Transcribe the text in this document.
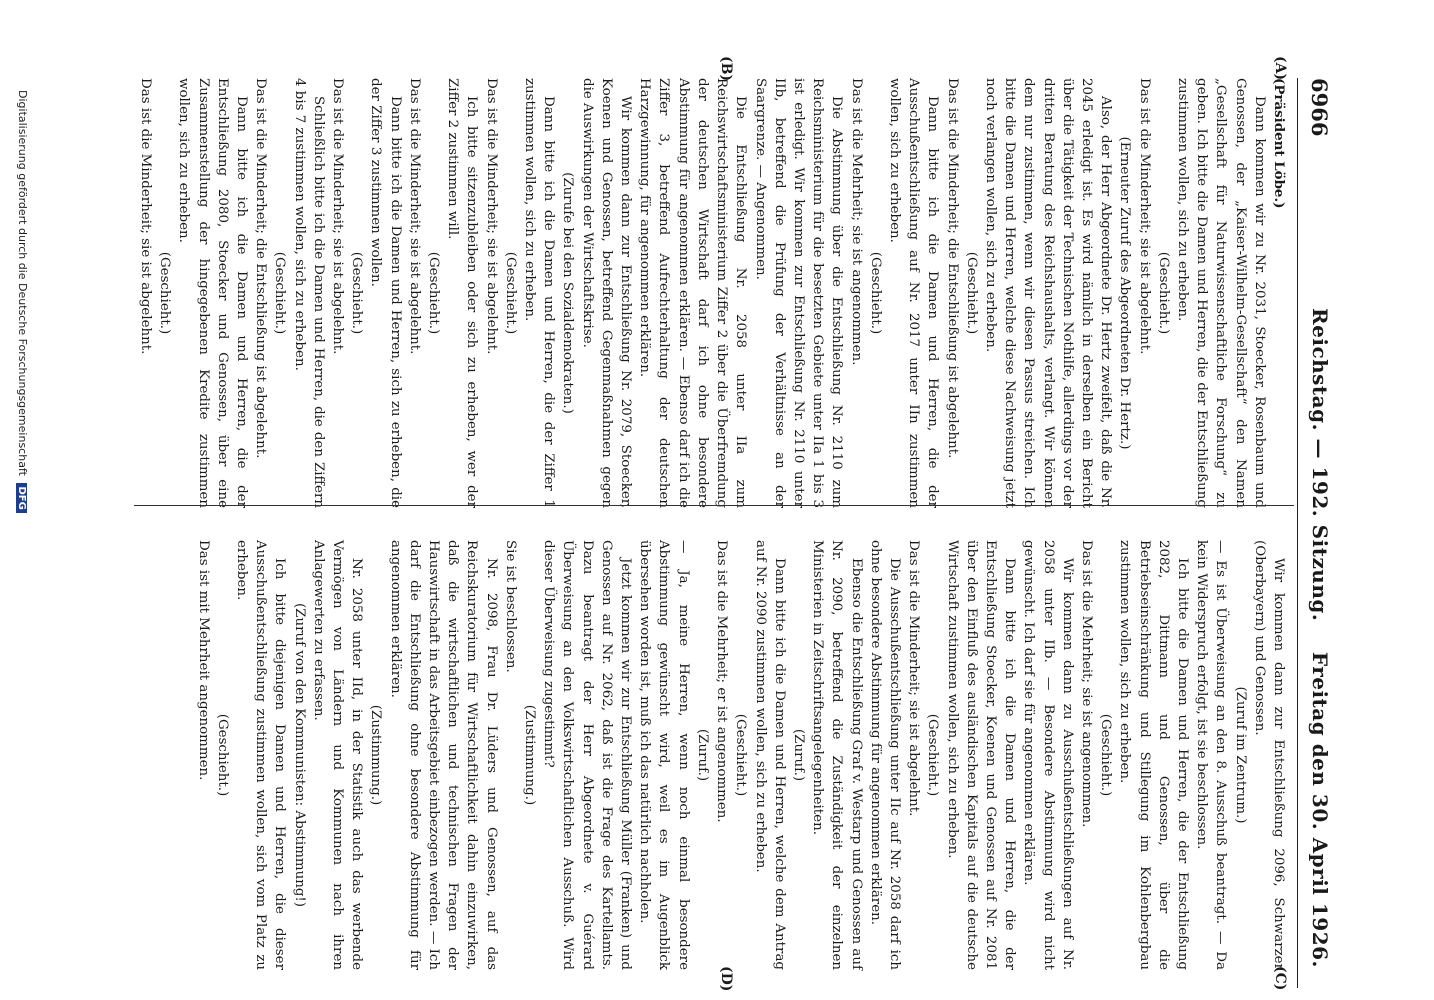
6966
Reichstag. — 192. Sitzung.
Freitag den 30. April 1926.
(A)
(B)
(C)
(D)

(Präsident Löbe.)

Dann kommen wir zu Nr. 2031, Stoecker, Rosenbaum und Genossen, der „Kaiser-Wilhelm-Gesellschaft“ den Namen „Gesellschaft für Naturwissenschaftliche Forschung“ zu geben. Ich bitte die Damen und Herren, die der Entschließung zustimmen wollen, sich zu erheben.

(Geschieht.)

Das ist die Minderheit; sie ist abgelehnt.

(Erneuter Zuruf des Abgeordneten Dr. Hertz.)

Also, der Herr Abgeordnete Dr. Hertz zweifelt, daß die Nr. 2045 erledigt ist. Es wird nämlich in derselben ein Bericht über die Tätigkeit der Technischen Nothilfe, allerdings vor der dritten Beratung des Reichshaushalts, verlangt. Wir können dem nur zustimmen, wenn wir diesen Passus streichen. Ich bitte die Damen und Herren, welche diese Nachweisung jetzt noch verlangen wollen, sich zu erheben.

(Geschieht.)

Das ist die Minderheit; die Entschließung ist abgelehnt.

Dann bitte ich die Damen und Herren, die der Ausschußentschließung auf Nr. 2017 unter IIn zustimmen wollen, sich zu erheben.

(Geschieht.)

Das ist die Mehrheit; sie ist angenommen.

Die Abstimmung über die Entschließung Nr. 2110 zum Reichsministerium für die besetzten Gebiete unter IIa 1 bis 3 ist erledigt. Wir kommen zur Entschließung Nr. 2110 unter IIb, betreffend die Prüfung der Verhältnisse an der Saargrenze. — Angenommen.

Die Entschließung Nr. 2058 unter IIa zum Reichswirtschaftsministerium Ziffer 2 über die Überfremdung der deutschen Wirtschaft darf ich ohne besondere Abstimmung für angenommen erklären. — Ebenso darf ich die Ziffer 3, betreffend Aufrechterhaltung der deutschen Harzgewinnung, für angenommen erklären.

Wir kommen dann zur Entschließung Nr. 2079, Stoecker, Koenen und Genossen, betreffend Gegenmaßnahmen gegen die Auswirkungen der Wirtschaftskrise.

(Zurufe bei den Sozialdemokraten.)

Dann bitte ich die Damen und Herren, die der Ziffer 1 zustimmen wollen, sich zu erheben.

(Geschieht.)

Das ist die Minderheit; sie ist abgelehnt.

Ich bitte sitzenzubleiben oder sich zu erheben, wer der Ziffer 2 zustimmen will.

(Geschieht.)

Das ist die Minderheit; sie ist abgelehnt.

Dann bitte ich die Damen und Herren, sich zu erheben, die der Ziffer 3 zustimmen wollen.

(Geschieht.)

Das ist die Minderheit; sie ist abgelehnt.

Schließlich bitte ich die Damen und Herren, die den Ziffern 4 bis 7 zustimmen wollen, sich zu erheben.

(Geschieht.)

Das ist die Minderheit; die Entschließung ist abgelehnt.

Dann bitte ich die Damen und Herren, die der Entschließung 2080, Stoecker und Genossen, über eine Zusammenstellung der hingegebenen Kredite zustimmen wollen, sich zu erheben.

(Geschieht.)

Das ist die Minderheit; sie ist abgelehnt.

Wir kommen dann zur Entschließung 2096, Schwarzer (Oberbayern) und Genossen.

(Zuruf im Zentrum.)

— Es ist Überweisung an den 8. Ausschuß beantragt. — Da kein Widerspruch erfolgt, ist sie beschlossen.

Ich bitte die Damen und Herren, die der Entschließung 2082, Dittmann und Genossen, über die Betriebseinschränkung und Stillegung im Kohlenbergbau zustimmen wollen, sich zu erheben.

(Geschieht.)

Das ist die Mehrheit; sie ist angenommen.

Wir kommen dann zu Ausschußentschließungen auf Nr. 2058 unter IIb. — Besondere Abstimmung wird nicht gewünscht. Ich darf sie für angenommen erklären.

Dann bitte ich die Damen und Herren, die der Entschließung Stoecker, Koenen und Genossen auf Nr. 2081 über den Einfluß des ausländischen Kapitals auf die deutsche Wirtschaft zustimmen wollen, sich zu erheben.

(Geschieht.)

Das ist die Minderheit; sie ist abgelehnt.

Die Ausschußentschließung unter IIc auf Nr. 2058 darf ich ohne besondere Abstimmung für angenommen erklären.

Ebenso die Entschließung Graf v. Westarp und Genossen auf Nr. 2090, betreffend die Zuständigkeit der einzelnen Ministerien in Zeitschriftsangelegenheiten.

(Zuruf.)

Dann bitte ich die Damen und Herren, welche dem Antrag auf Nr. 2090 zustimmen wollen, sich zu erheben.

(Geschieht.)

Das ist die Mehrheit; er ist angenommen.

(Zuruf.)

— Ja, meine Herren, wenn noch einmal besondere Abstimmung gewünscht wird, weil es im Augenblick übersehen worden ist, muß ich das natürlich nachholen.

Jetzt kommen wir zur Entschließung Müller (Franken) und Genossen auf Nr. 2062, daß ist die Frage des Kartellamts. Dazu beantragt der Herr Abgeordnete v. Guérard Überweisung an den Volkswirtschaftlichen Ausschuß. Wird dieser Überweisung zugestimmt?

(Zustimmung.)

Sie ist beschlossen.

Nr. 2098, Frau Dr. Lüders und Genossen, auf das Reichskuratorium für Wirtschaftlichkeit dahin einzuwirken, daß die wirtschaftlichen und technischen Fragen der Hauswirtschaft in das Arbeitsgebiet einbezogen werden. — Ich darf die Entschließung ohne besondere Abstimmung für angenommen erklären.

(Zustimmung.)

Nr. 2058 unter IId, in der Statistik auch das werbende Vermögen von Ländern und Kommunen nach ihren Anlagewerten zu erfassen.

(Zuruf von den Kommunisten: Abstimmung!)

Ich bitte diejenigen Damen und Herren, die dieser Ausschußentschließung zustimmen wollen, sich vom Platz zu erheben.

(Geschieht.)

Das ist mit Mehrheit angenommen.

Digitalisierung gefördert durch die Deutsche Forschungsgemeinschaft DFG
